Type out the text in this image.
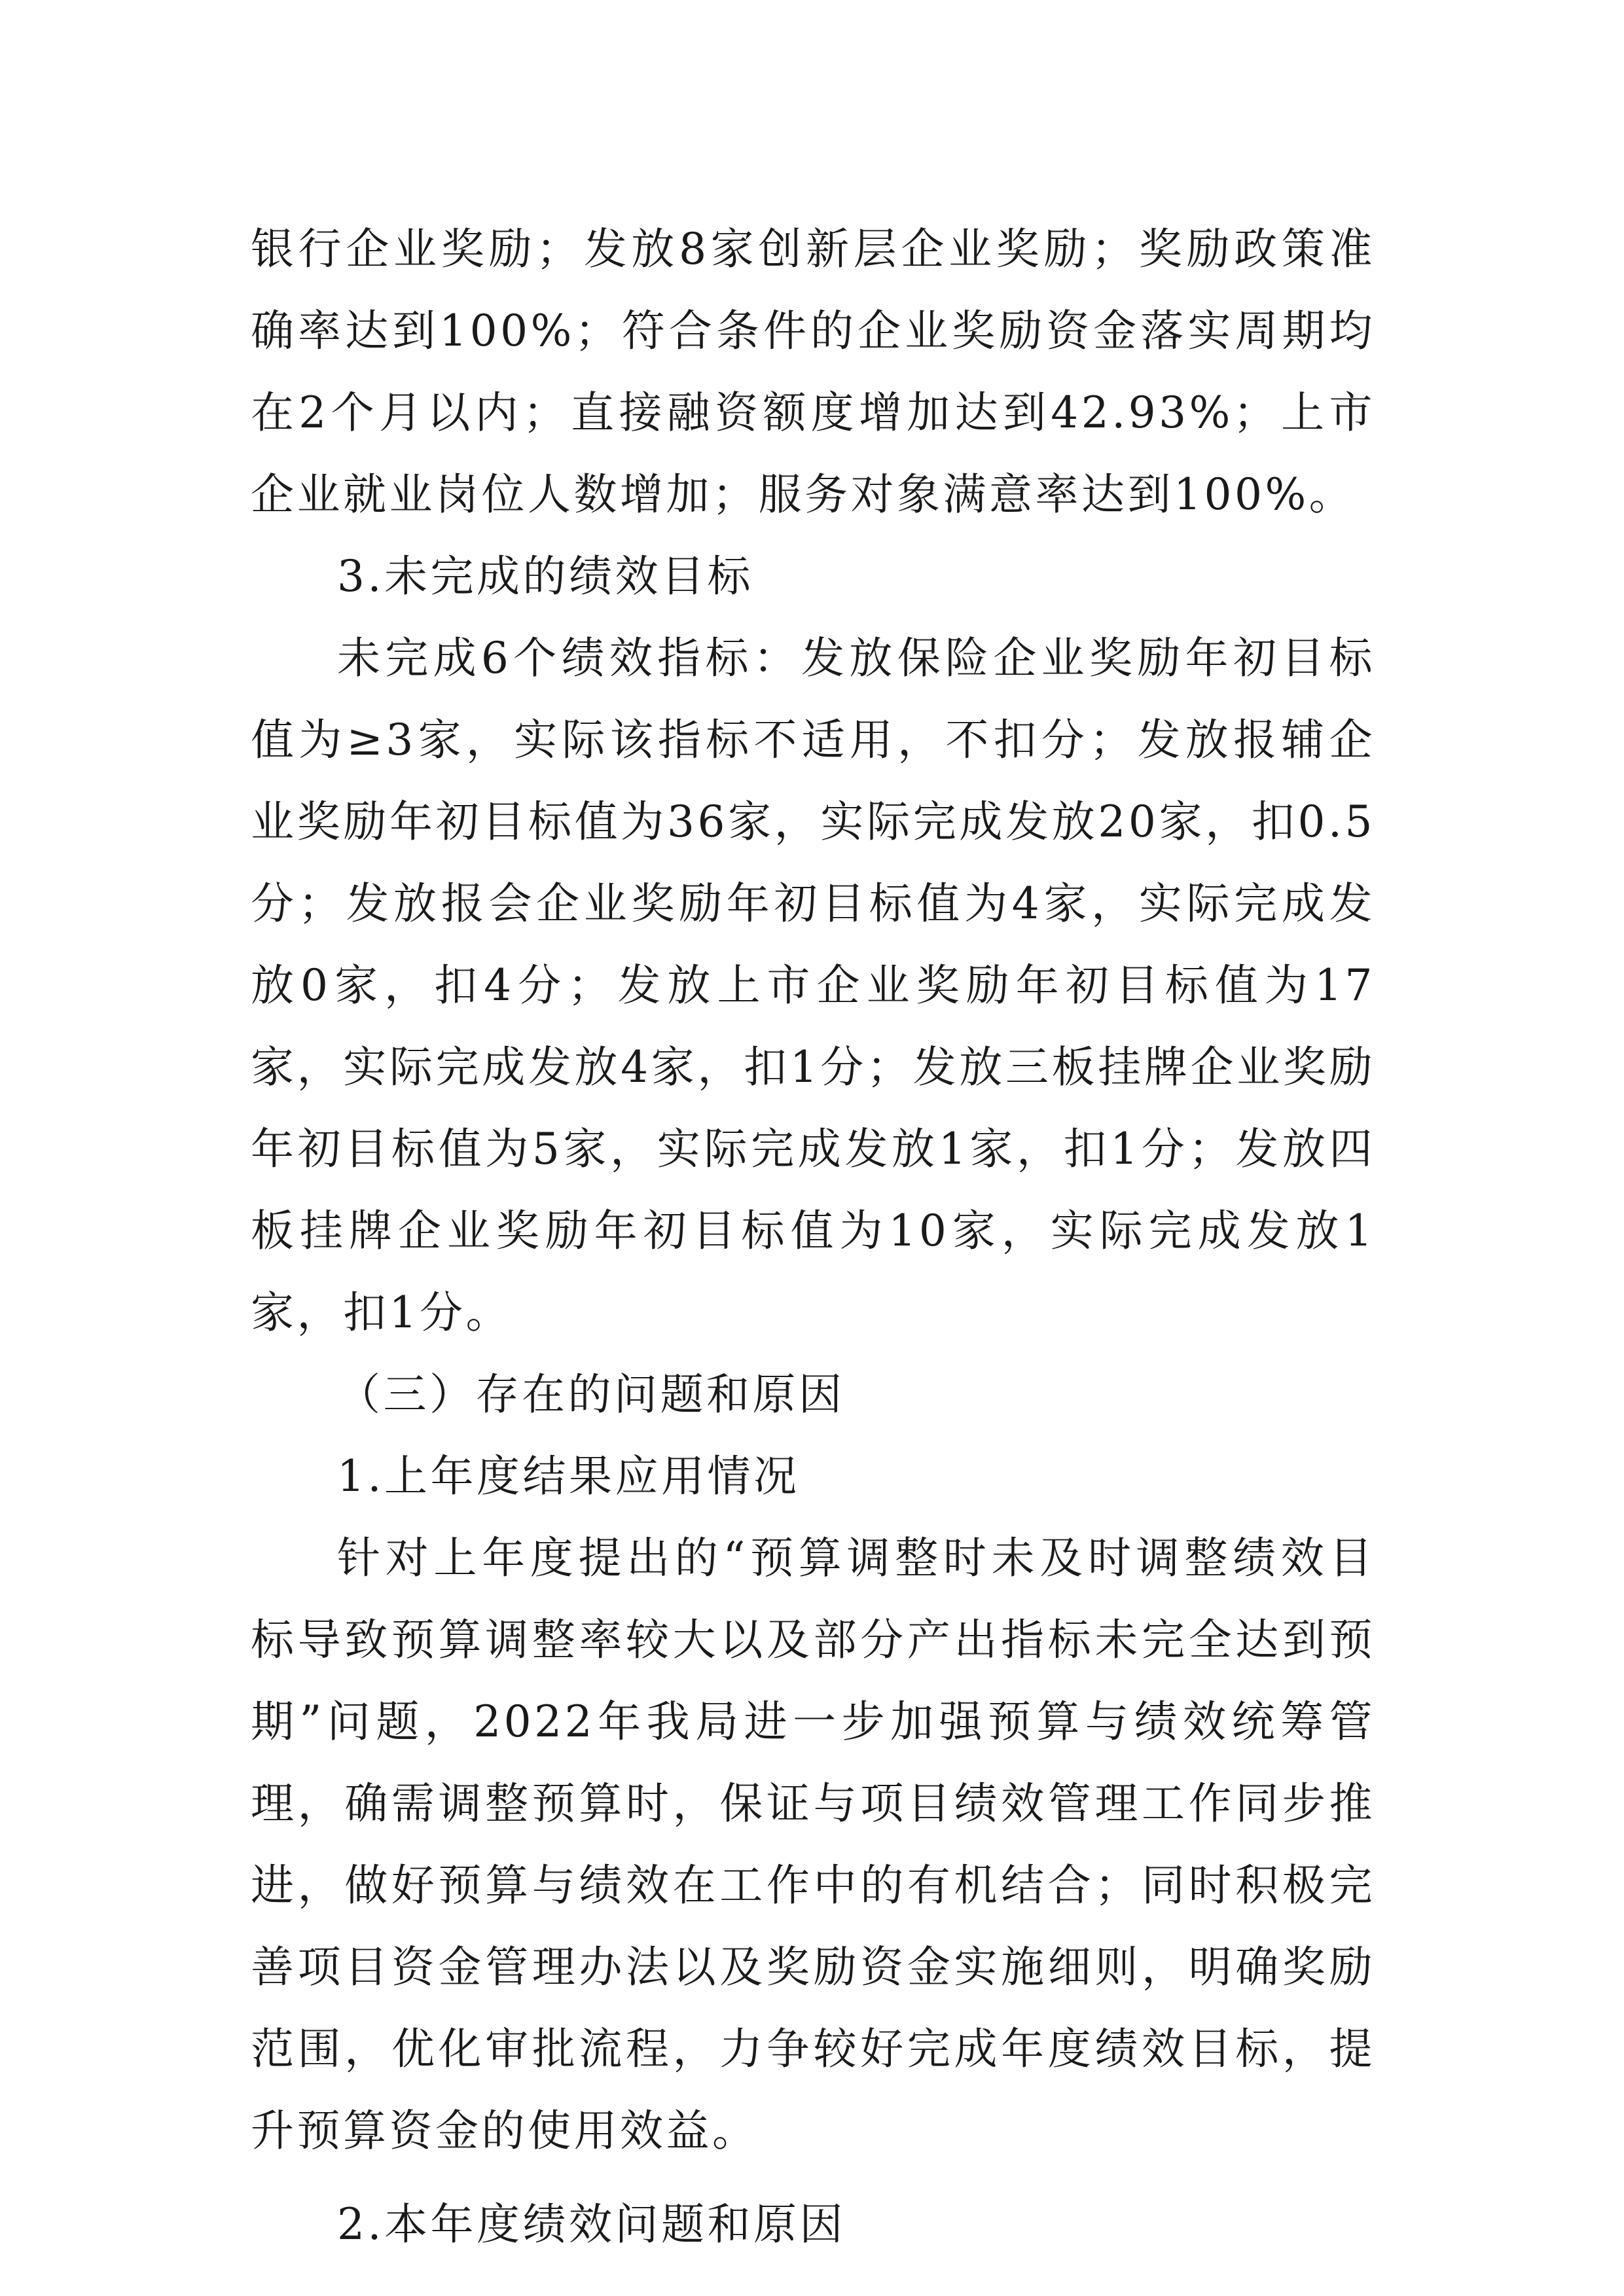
银行企业奖励；发放8家创新层企业奖励；奖励政策准确率达到100%；符合条件的企业奖励资金落实周期均在2个月以内；直接融资额度增加达到42.93%；上市企业就业岗位人数增加；服务对象满意率达到100%。

3.未完成的绩效目标

未完成6个绩效指标：发放保险企业奖励年初目标值为≥3家，实际该指标不适用，不扣分；发放报辅企业奖励年初目标值为36家，实际完成发放20家，扣0.5分；发放报会企业奖励年初目标值为4家，实际完成发放0家，扣4分；发放上市企业奖励年初目标值为17家，实际完成发放4家，扣1分；发放三板挂牌企业奖励年初目标值为5家，实际完成发放1家，扣1分；发放四板挂牌企业奖励年初目标值为10家，实际完成发放1家，扣1分。

（三）存在的问题和原因

1.上年度结果应用情况

针对上年度提出的“预算调整时未及时调整绩效目标导致预算调整率较大以及部分产出指标未完全达到预期”问题，2022年我局进一步加强预算与绩效统筹管理，确需调整预算时，保证与项目绩效管理工作同步推进，做好预算与绩效在工作中的有机结合；同时积极完善项目资金管理办法以及奖励资金实施细则，明确奖励范围，优化审批流程，力争较好完成年度绩效目标，提升预算资金的使用效益。

2.本年度绩效问题和原因
